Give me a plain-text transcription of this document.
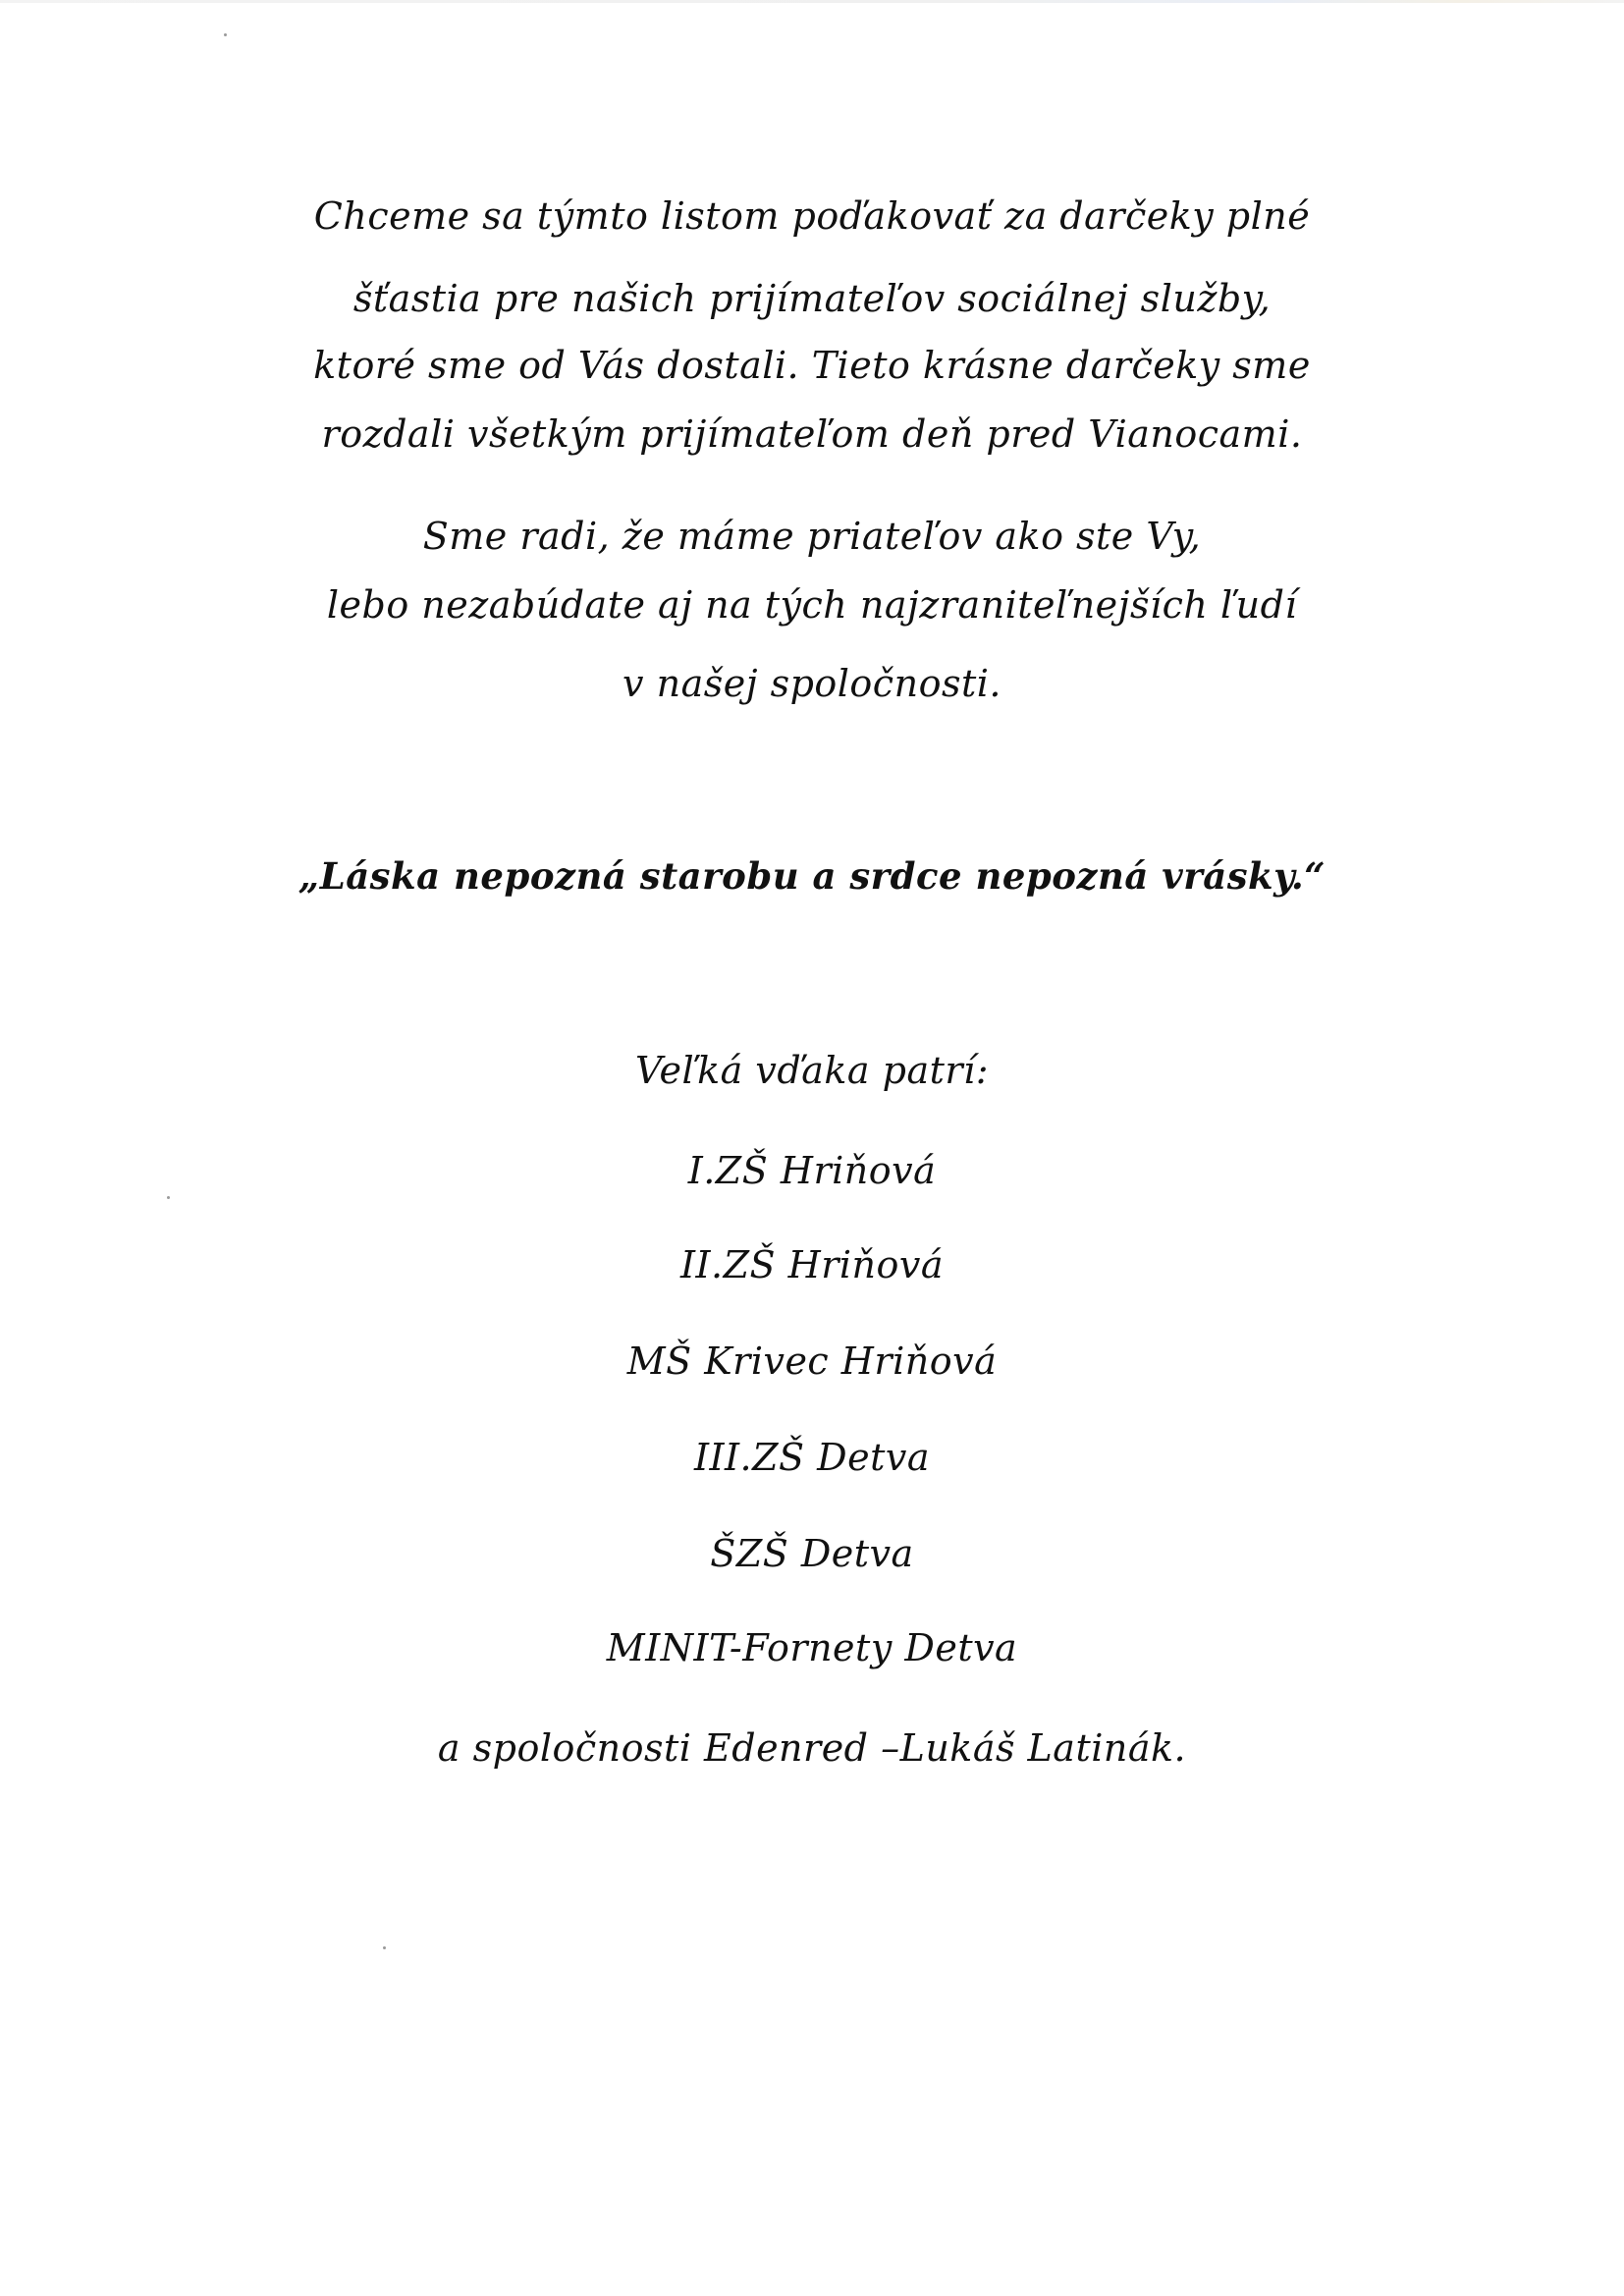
Chceme sa týmto listom poďakovať za darčeky plné
šťastia pre našich prijímateľov sociálnej služby,
ktoré sme od Vás dostali. Tieto krásne darčeky sme
rozdali všetkým prijímateľom deň pred Vianocami.
Sme radi, že máme priateľov ako ste Vy,
lebo nezabúdate aj na tých najzraniteľnejších ľudí
v našej spoločnosti.
„Láska nepozná starobu a srdce nepozná vrásky.“
Veľká vďaka patrí:
I.ZŠ Hriňová
II.ZŠ Hriňová
MŠ Krivec Hriňová
III.ZŠ Detva
ŠZŠ Detva
MINIT-Fornety Detva
a spoločnosti Edenred –Lukáš Latinák.
